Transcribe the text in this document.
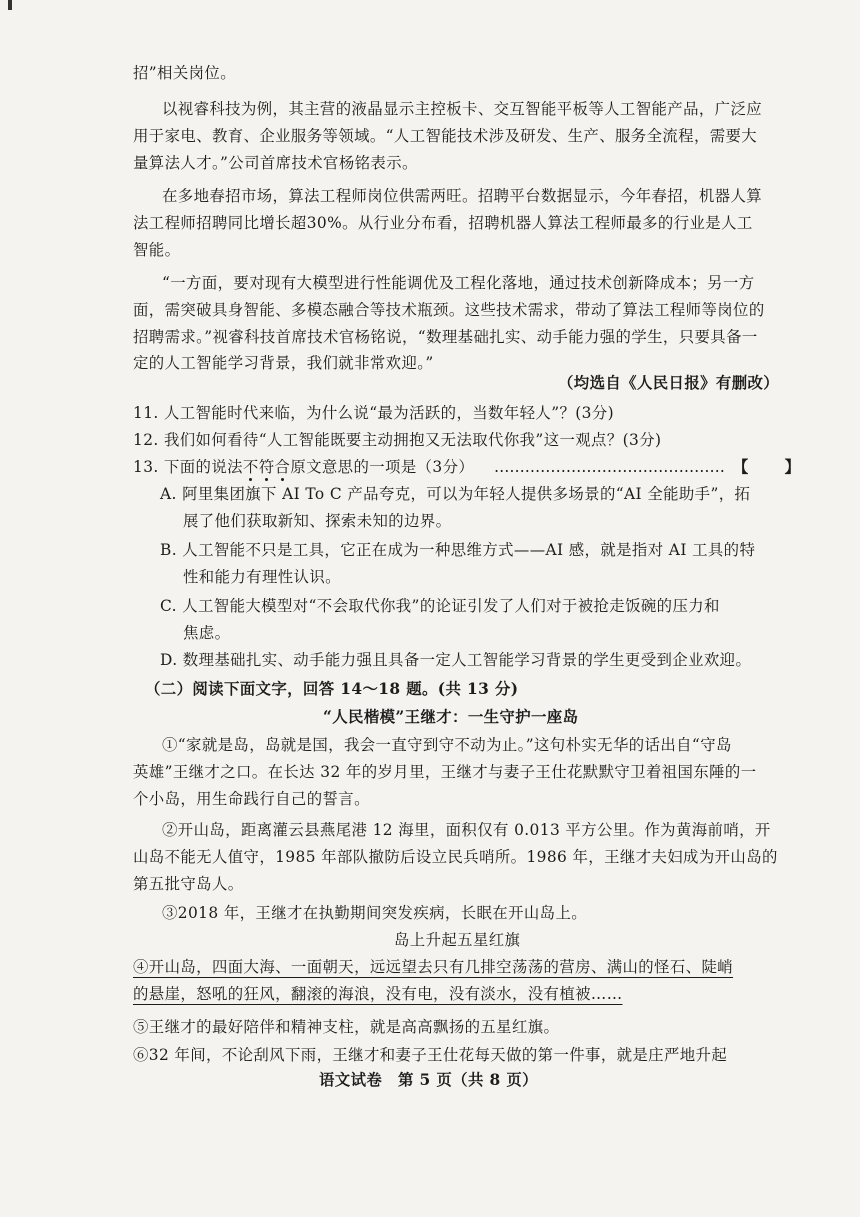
招”相关岗位。
以视睿科技为例，其主营的液晶显示主控板卡、交互智能平板等人工智能产品，广泛应
用于家电、教育、企业服务等领域。“人工智能技术涉及研发、生产、服务全流程，需要大
量算法人才。”公司首席技术官杨铭表示。
在多地春招市场，算法工程师岗位供需两旺。招聘平台数据显示，今年春招，机器人算
法工程师招聘同比增长超30%。从行业分布看，招聘机器人算法工程师最多的行业是人工
智能。
“一方面，要对现有大模型进行性能调优及工程化落地，通过技术创新降成本；另一方
面，需突破具身智能、多模态融合等技术瓶颈。这些技术需求，带动了算法工程师等岗位的
招聘需求。”视睿科技首席技术官杨铭说，“数理基础扎实、动手能力强的学生，只要具备一
定的人工智能学习背景，我们就非常欢迎。”
（均选自《人民日报》有删改）
11. 人工智能时代来临，为什么说“最为活跃的，当数年轻人”？(3分)
12. 我们如何看待“人工智能既要主动拥抱又无法取代你我”这一观点？(3分)
13. 下面的说法不符合原文意思的一项是（3分） ……………………………………… 【 】
A. 阿里集团旗下 AI To C 产品夸克，可以为年轻人提供多场景的“AI 全能助手”，拓
展了他们获取新知、探索未知的边界。
B. 人工智能不只是工具，它正在成为一种思维方式——AI 感，就是指对 AI 工具的特
性和能力有理性认识。
C. 人工智能大模型对“不会取代你我”的论证引发了人们对于被抢走饭碗的压力和
焦虑。
D. 数理基础扎实、动手能力强且具备一定人工智能学习背景的学生更受到企业欢迎。
（二）阅读下面文字，回答 14～18 题。(共 13 分)
“人民楷模”王继才：一生守护一座岛
①“家就是岛，岛就是国，我会一直守到守不动为止。”这句朴实无华的话出自“守岛
英雄”王继才之口。在长达 32 年的岁月里，王继才与妻子王仕花默默守卫着祖国东陲的一
个小岛，用生命践行自己的誓言。
②开山岛，距离灌云县燕尾港 12 海里，面积仅有 0.013 平方公里。作为黄海前哨，开
山岛不能无人值守，1985 年部队撤防后设立民兵哨所。1986 年，王继才夫妇成为开山岛的
第五批守岛人。
③2018 年，王继才在执勤期间突发疾病，长眠在开山岛上。
岛上升起五星红旗
④开山岛，四面大海、一面朝天，远远望去只有几排空荡荡的营房、满山的怪石、陡峭
的悬崖，怒吼的狂风，翻滚的海浪，没有电，没有淡水，没有植被……
⑤王继才的最好陪伴和精神支柱，就是高高飘扬的五星红旗。
⑥32 年间，不论刮风下雨，王继才和妻子王仕花每天做的第一件事，就是庄严地升起
语文试卷　第 5 页（共 8 页）
